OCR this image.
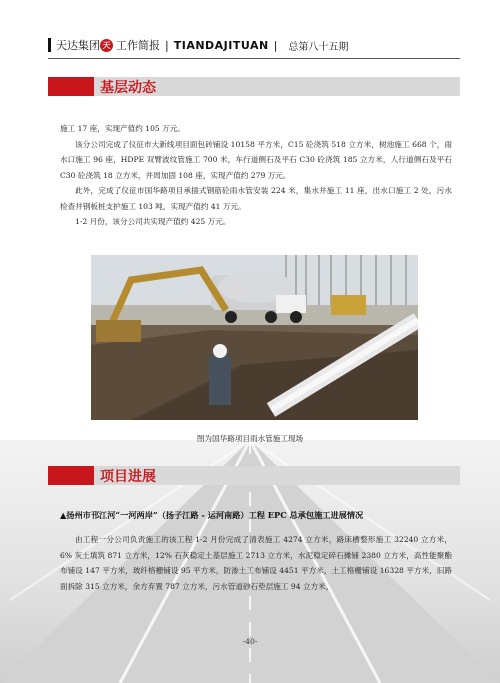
天达集团 天 工作简报 | TIANDAJITUAN | 总第八十五期
基层动态

施工 17 座，实现产值约 105 万元。

该分公司完成了仪征市大新线项目面包砖铺设 10158 平方米，C15 砼浇筑 518 立方米，树池施工 668 个，雨水口施工 96 座，HDPE 双臂波纹管施工 700 米，车行道侧石及平石 C30 砼浇筑 185 立方米，人行道侧石及平石 C30 砼浇筑 18 立方米，井周加固 108 座，实现产值约 279 万元。

此外，完成了仪征市国华路项目承插式钢筋砼雨水管安装 224 米，集水井施工 11 座，出水口施工 2 处，污水检查井钢板桩支护施工 103 吨，实现产值约 41 万元。

1-2 月份，该分公司共实现产值约 425 万元。

图为国华路项目雨水管施工现场
项目进展
▲扬州市邗江河“一河两岸”（扬子江路 - 运河南路）工程 EPC 总承包施工进展情况

由工程一分公司负责施工的该工程 1-2 月份完成了清表施工 4274 立方米，路床槽整形施工 32240 立方米，6% 灰土填筑 871 立方米，12% 石灰稳定土基层施工 2713 立方米，水泥稳定碎石摊铺 2380 立方米，高性能聚酯布铺设 147 平方米，玻纤格栅铺设 95 平方米，防渗土工布铺设 4451 平方米，土工格栅铺设 16328 平方米，旧路面拆除 315 立方米，余方弃置 787 立方米，污水管道砂石垫层施工 94 立方米，

-40-
